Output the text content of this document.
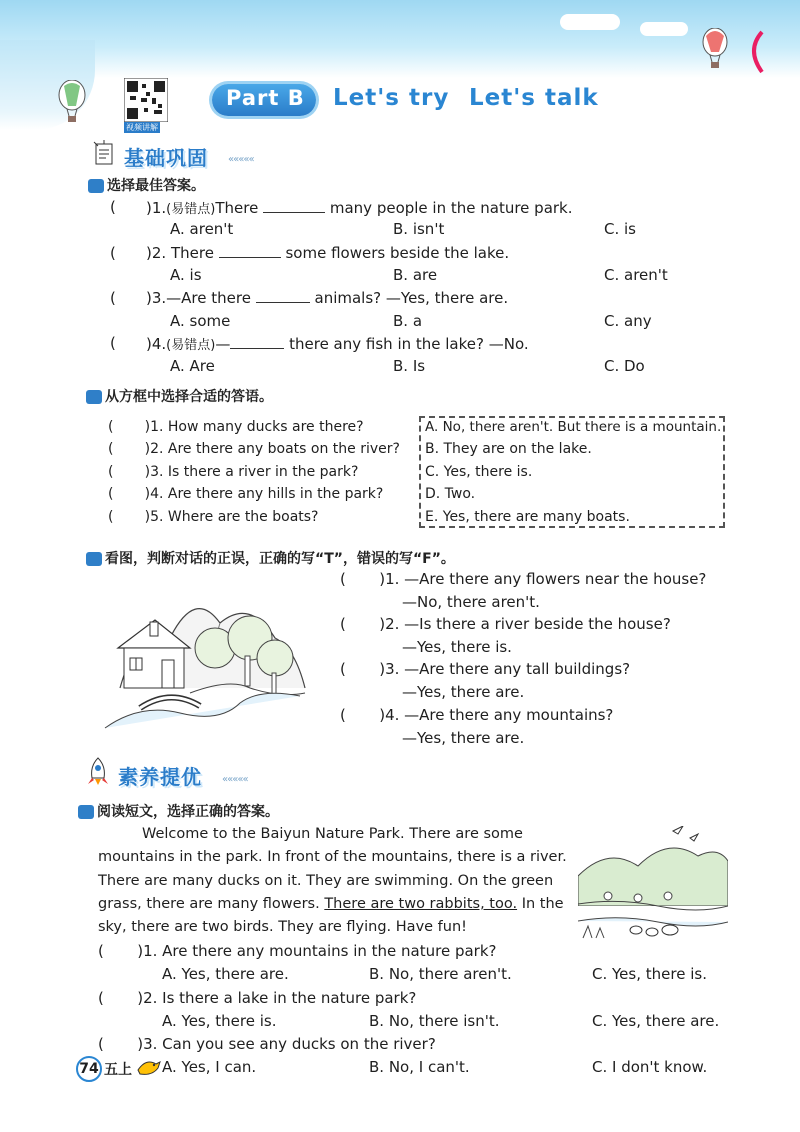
视频讲解
Part B Let's try Let's talk
基础巩固 «««««
选择最佳答案。
( )1.(易错点)There	many people in the nature park.
A. aren't	B. isn't	C. is
( )2. There	some flowers beside the lake.
A. is	B. are	C. aren't
( )3.—Are there	animals? —Yes, there are.
A. some	B. a	C. any
( )4.(易错点)—	there any fish in the lake? —No.
A. Are	B. Is	C. Do
从方框中选择合适的答语。
(       )1. How many ducks are there?
(       )2. Are there any boats on the river?
(       )3. Is there a river in the park?
(       )4. Are there any hills in the park?
(       )5. Where are the boats?
A. No, there aren't. But there is a mountain.
B. They are on the lake.
C. Yes, there is.
D. Two.
E. Yes, there are many boats.
看图，判断对话的正误，正确的写“T”，错误的写“F”。
(       )1. —Are there any flowers near the house?
—No, there aren't.
(       )2. —Is there a river beside the house?
—Yes, there is.
(       )3. —Are there any tall buildings?
—Yes, there are.
(       )4. —Are there any mountains?
—Yes, there are.
素养提优 «««««
阅读短文，选择正确的答案。
Welcome to the Baiyun Nature Park. There are some
mountains in the park. In front of the mountains, there is a river.
There are many ducks on it. They are swimming. On the green
grass, there are many flowers. There are two rabbits, too. In the
sky, there are two birds. They are flying. Have fun!
(       )1. Are there any mountains in the nature park?
A. Yes, there are.	B. No, there aren't.	C. Yes, there is.
(       )2. Is there a lake in the nature park?
A. Yes, there is.	B. No, there isn't.	C. Yes, there are.
(       )3. Can you see any ducks on the river?
A. Yes, I can.	B. No, I can't.	C. I don't know.
74 五上
